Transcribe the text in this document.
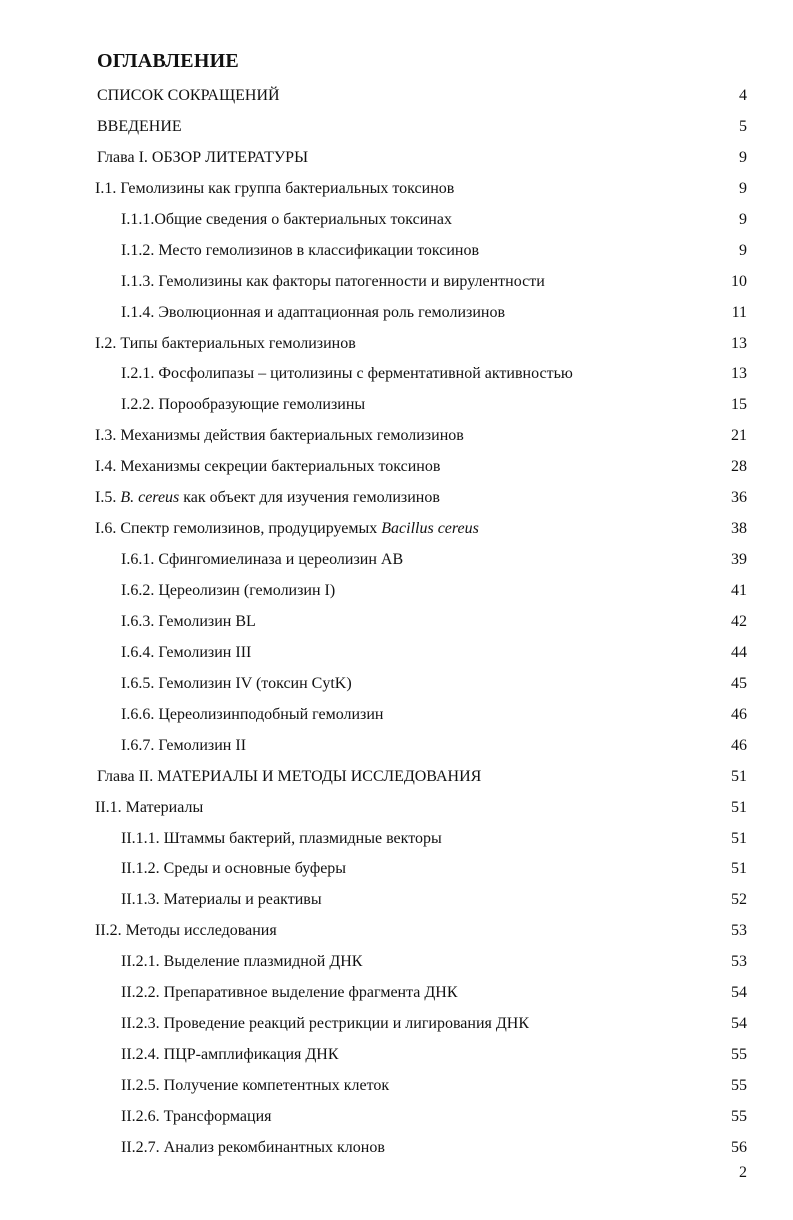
ОГЛАВЛЕНИЕ
СПИСОК СОКРАЩЕНИЙ	4
ВВЕДЕНИЕ	5
Глава I. ОБЗОР ЛИТЕРАТУРЫ	9
I.1. Гемолизины как группа бактериальных токсинов	9
I.1.1.Общие сведения о бактериальных токсинах	9
I.1.2. Место гемолизинов в классификации токсинов	9
I.1.3. Гемолизины как факторы патогенности и вирулентности	10
I.1.4. Эволюционная и адаптационная роль гемолизинов	11
I.2. Типы бактериальных гемолизинов	13
I.2.1. Фосфолипазы – цитолизины с ферментативной активностью	13
I.2.2. Порообразующие гемолизины	15
I.3. Механизмы действия бактериальных гемолизинов	21
I.4. Механизмы секреции бактериальных токсинов	28
I.5. B. cereus как объект для изучения гемолизинов	36
I.6. Спектр гемолизинов, продуцируемых Bacillus cereus	38
I.6.1. Сфингомиелиназа и цереолизин АВ	39
I.6.2. Цереолизин (гемолизин I)	41
I.6.3. Гемолизин BL	42
I.6.4. Гемолизин III	44
I.6.5. Гемолизин IV (токсин CytK)	45
I.6.6. Цереолизинподобный гемолизин	46
I.6.7. Гемолизин II	46
Глава II. МАТЕРИАЛЫ И МЕТОДЫ ИССЛЕДОВАНИЯ	51
II.1. Материалы	51
II.1.1. Штаммы бактерий, плазмидные векторы	51
II.1.2. Среды и основные буферы	51
II.1.3. Материалы и реактивы	52
II.2. Методы исследования	53
II.2.1. Выделение плазмидной ДНК	53
II.2.2. Препаративное выделение фрагмента ДНК	54
II.2.3. Проведение реакций рестрикции и лигирования ДНК	54
II.2.4. ПЦР-амплификация ДНК	55
II.2.5. Получение компетентных клеток	55
II.2.6. Трансформация	55
II.2.7. Анализ рекомбинантных клонов	56
2
